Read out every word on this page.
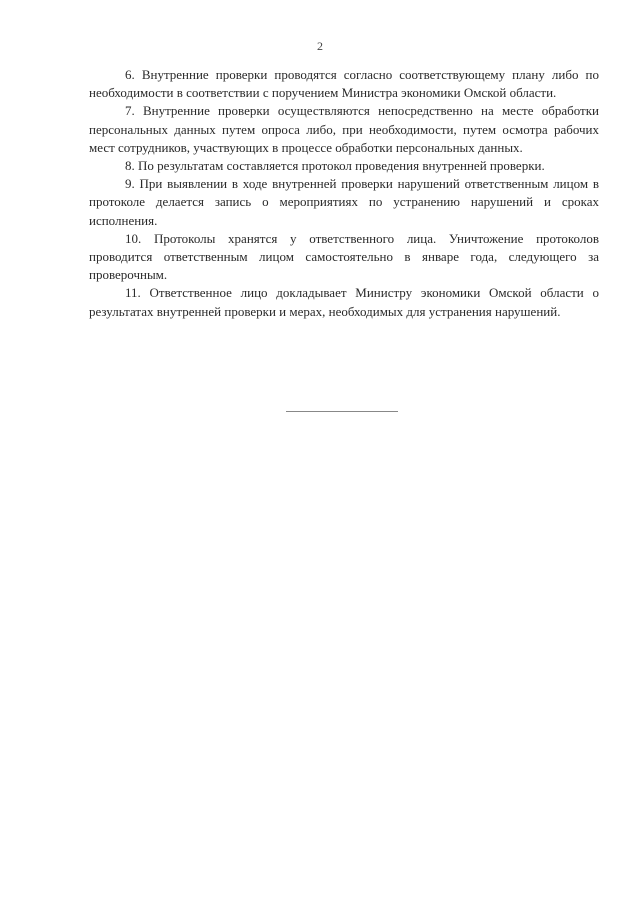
2

6. Внутренние проверки проводятся согласно соответствующему плану либо по необходимости в соответствии с поручением Министра экономики Омской области.

7. Внутренние проверки осуществляются непосредственно на месте обработки персональных данных путем опроса либо, при необходимости, путем осмотра рабочих мест сотрудников, участвующих в процессе обработки персональных данных.

8. По результатам составляется протокол проведения внутренней проверки.

9. При выявлении в ходе внутренней проверки нарушений ответственным лицом в протоколе делается запись о мероприятиях по устранению нарушений и сроках исполнения.

10. Протоколы хранятся у ответственного лица. Уничтожение протоколов проводится ответственным лицом самостоятельно в январе года, следующего за проверочным.

11. Ответственное лицо докладывает Министру экономики Омской области о результатах внутренней проверки и мерах, необходимых для устранения нарушений.
